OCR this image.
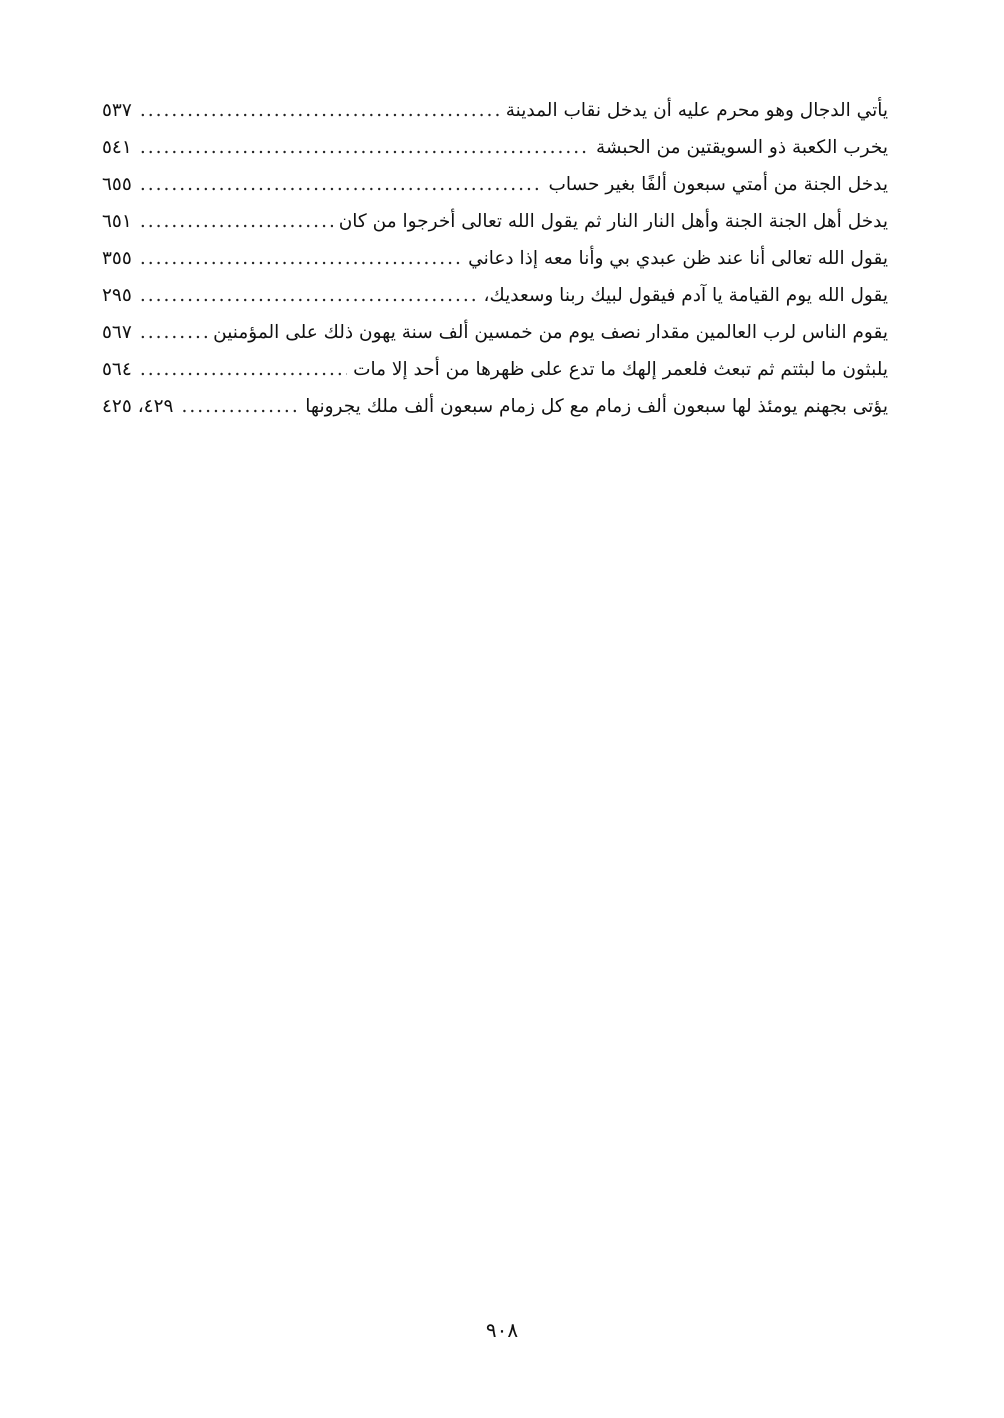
يأتي الدجال وهو محرم عليه أن يدخل نقاب المدينة
.....
٥٣٧
يخرب الكعبة ذو السويقتين من الحبشة
.....
٥٤١
يدخل الجنة من أمتي سبعون ألفًا بغير حساب
.....
٦٥٥
يدخل أهل الجنة الجنة وأهل النار النار ثم يقول الله تعالى أخرجوا من كان
.....
٦٥١
يقول الله تعالى أنا عند ظن عبدي بي وأنا معه إذا دعاني
.....
٣٥٥
يقول الله يوم القيامة يا آدم فيقول لبيك ربنا وسعديك،
.....
٢٩٥
يقوم الناس لرب العالمين مقدار نصف يوم من خمسين ألف سنة يهون ذلك على المؤمنين
.....
٥٦٧
يلبثون ما لبثتم ثم تبعث فلعمر إلهك ما تدع على ظهرها من أحد إلا مات
.....
٥٦٤
يؤتى بجهنم يومئذ لها سبعون ألف زمام مع كل زمام سبعون ألف ملك يجرونها
.....
٤٢٩، ٤٢٥
٩٠٨
